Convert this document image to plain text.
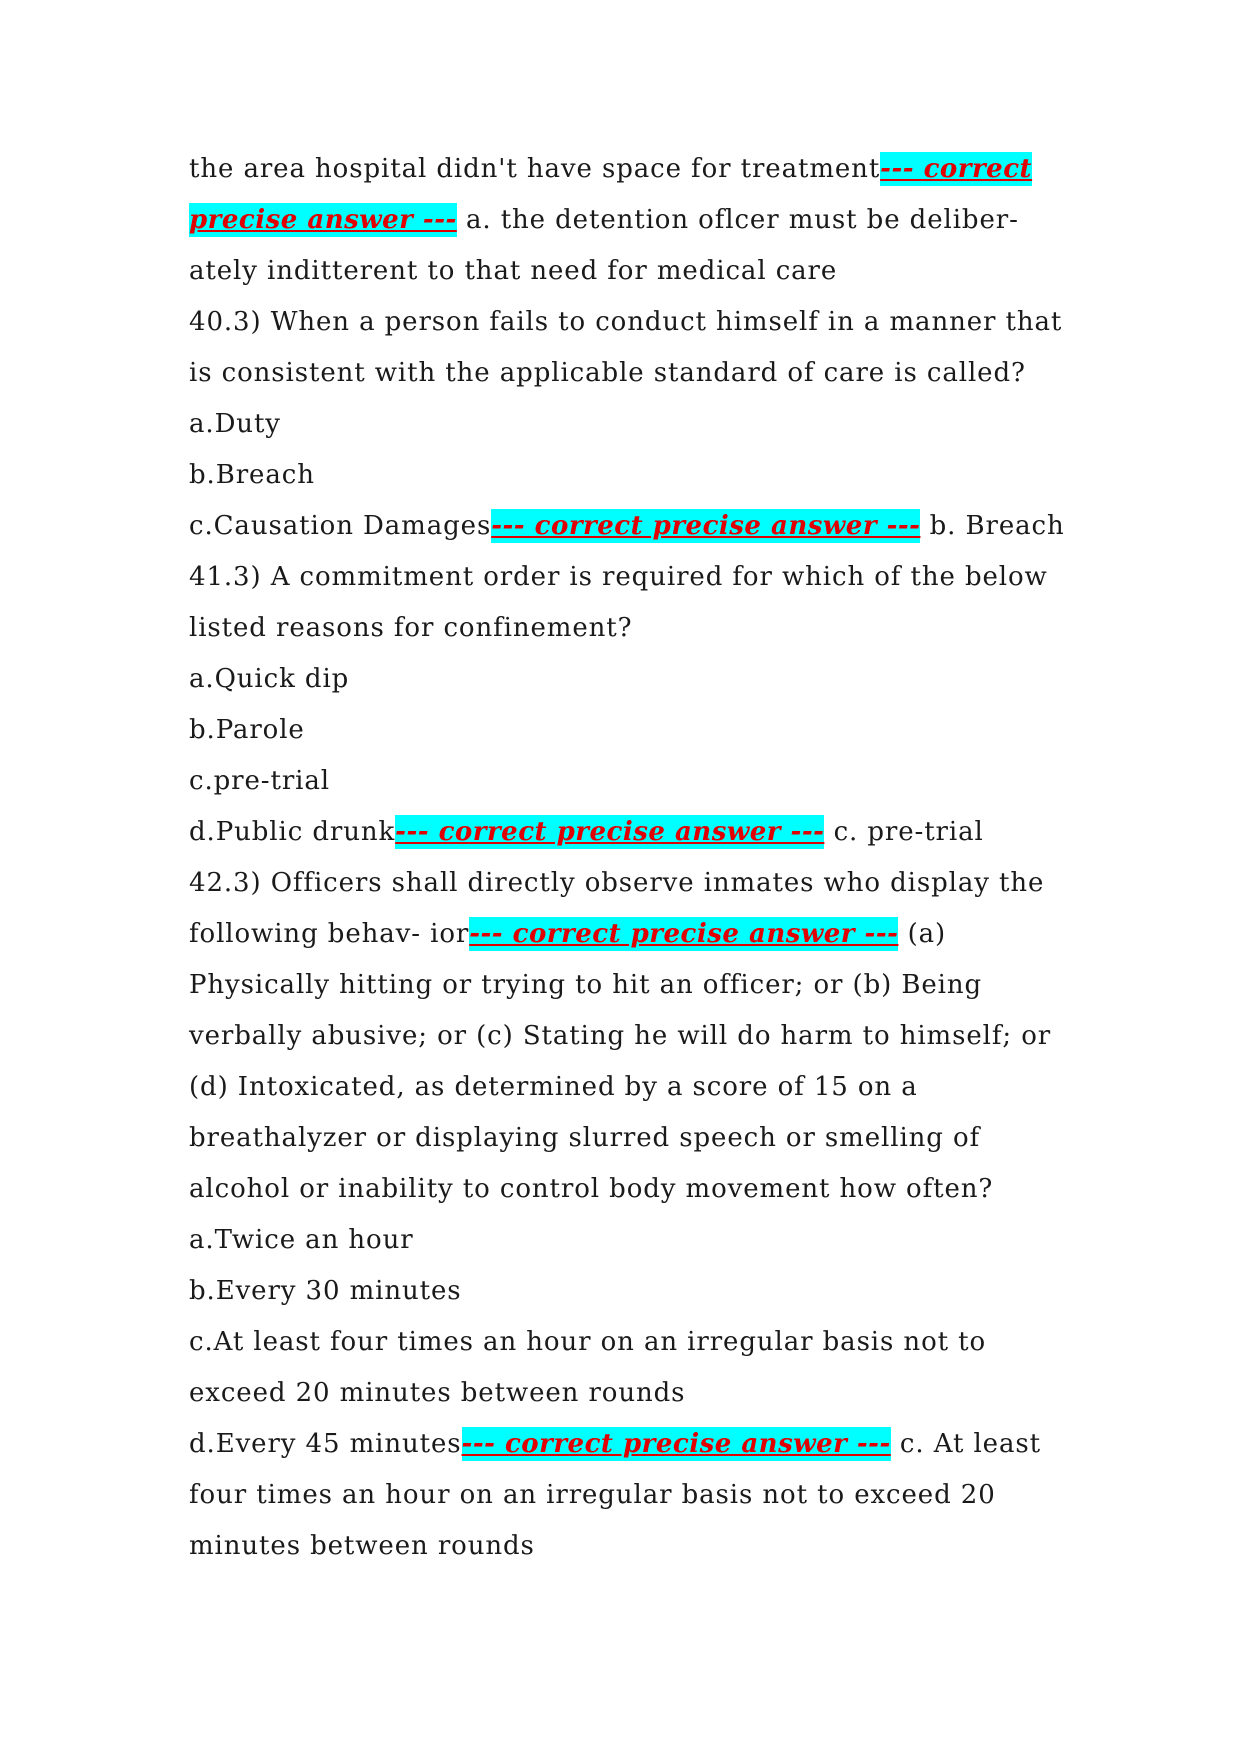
the area hospital didn't have space for treatment--- correct
precise answer --- a. the detention oflcer must be deliber-
ately inditterent to that need for medical care
40.3) When a person fails to conduct himself in a manner that
is consistent with the applicable standard of care is called?
a.Duty
b.Breach
c.Causation Damages--- correct precise answer --- b. Breach
41.3) A commitment order is required for which of the below
listed reasons for confinement?
a.Quick dip
b.Parole
c.pre-trial
d.Public drunk--- correct precise answer --- c. pre-trial
42.3) Officers shall directly observe inmates who display the
following behav- ior--- correct precise answer --- (a)
Physically hitting or trying to hit an officer; or (b) Being
verbally abusive; or (c) Stating he will do harm to himself; or
(d) Intoxicated, as determined by a score of 15 on a
breathalyzer or displaying slurred speech or smelling of
alcohol or inability to control body movement how often?
a.Twice an hour
b.Every 30 minutes
c.At least four times an hour on an irregular basis not to
exceed 20 minutes between rounds
d.Every 45 minutes--- correct precise answer --- c. At least
four times an hour on an irregular basis not to exceed 20
minutes between rounds
